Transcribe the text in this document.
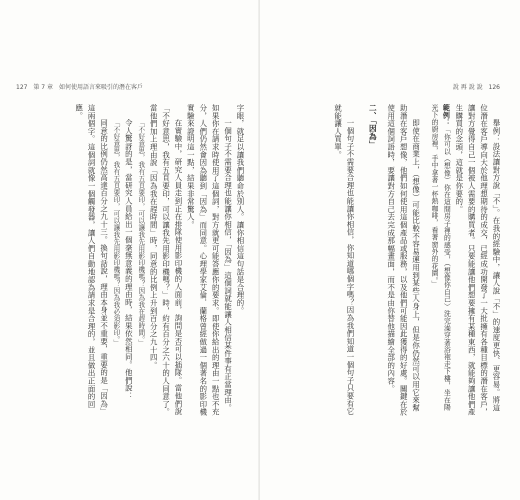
127 第 7 章 如何使用語言來吸引的潛在客戶

字眼，就足以讓我們聽命於別人。讓你相信這句話是合理的。

一個句子不需要合理也能讓你相信，「因為」這個詞就能讓人相信某件事有正當理由。如果你在請求時使用了這個詞，對方就更可能答應你的要求。即使你給出的理由一點也不充分，人們仍然會因為聽到「因為」而同意。心理學家艾倫．蘭格曾經做過一個著名的影印機實驗來證明這一點，結果非常驚人。

在實驗中，研究人員走到正在排隊使用影印機的人面前，詢問是否可以插隊。當他們說「不好意思，我有五頁要印，可以讓我先用影印機嗎？」時，約有百分之六十的人同意了。當他們加上理由說「因為我在趕時間」時，同意的比例上升到百分之九十四。

「不好意思，我有五頁要印，可以讓我先用影印機嗎？因為我在趕時間。」

令人驚訝的是，當研究人員給出一個毫無意義的理由時，結果依然相同。他們說：

「不好意思，我有五頁要印，可以讓我先用影印機嗎？因為我必須影印。」

同意的比例仍然高達百分之九十三。換句話說，理由本身並不重要，重要的是「因為」這兩個字。這個詞就像一個觸發器，讓人們自動地認為請求是合理的，並且做出正面的回應。

說 再 說 說 126

舉例：設法讓對方說「不」。在我的經驗中，讓人說「不」的速度更快、更容易。將這位潛在客戶導向大於他理想期待的成交，已經成功開發了一大批擁有各種目標的潛在客戶，讓對方覺得自己一個被人需要的購買者。只要能讓他們想要擁有某種東西，就能夠讓他們產生購買的念頭，這就是你要的。

範例：「你可以（想像）你在這間房子裡的感受，（想像你自己）洗完澡穿著浴袍走下樓，坐在陽光下的廚房裡，手中拿著一杯熱咖啡，看著窗外的花園。」

即使在商業上，（想像）可能比較不容易運用到某些人身上，但是你仍然可以用它來幫助潛在客戶想像，他們如何使用這個產品或服務，以及他們可能因此獲得的好處。關鍵在於使用這個詞語時，要讓對方自己去完成那幅畫面，而不是由你替他描繪全部的內容。

二、「因為」

一個句子不需要合理也能讓你相信，你知道哪個字嗎？因為我們知道一個句子只要有它就能讓人買單。
